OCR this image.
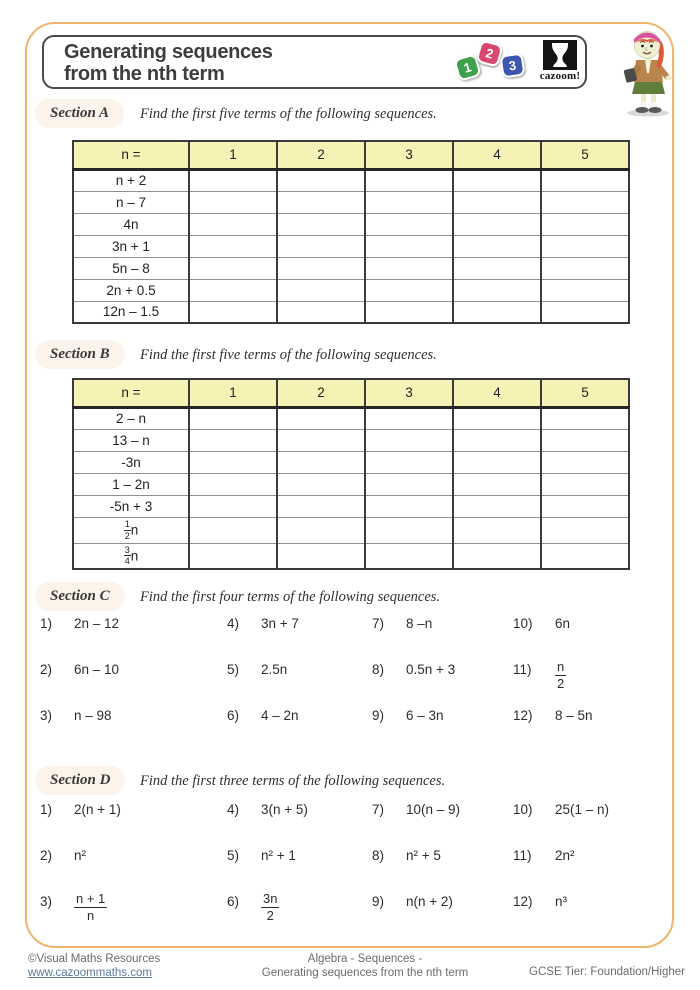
Generating sequences
from the nth term	1
2
3
cazoom!
Section A	Find the first five terms of the following sequences.
n =	1	2	3	4	5
n + 2					
n – 7					
4n					
3n + 1					
5n – 8					
2n + 0.5					
12n – 1.5					
Section B	Find the first five terms of the following sequences.
n =	1	2	3	4	5
2 – n					
13 – n					
-3n					
1 – 2n					
-5n + 3					

$\frac{1}{2}$ n					

$\frac{3}{4}$ n					
Section C	Find the first four terms of the following sequences.
1)	2n – 12	4)	3n + 7	7)	8 –n	10)	6n
2)	6n – 10	5)	2.5n	8)	0.5n + 3	11)	$\frac{n}{2}$
3)	n – 98	6)	4 – 2n	9)	6 – 3n	12)	8 – 5n
Section D	Find the first three terms of the following sequences.
1)	2(n + 1)	4)	3(n + 5)	7)	10(n – 9)	10)	25(1 – n)
2)	n²	5)	n² + 1	8)	n² + 5	11)	2n²
3)	$\frac{n + 1}{n}$	6)	$\frac{3n}{2}$	9)	n(n + 2)	12)	n³
©Visual Maths Resources
www.cazoommaths.com
Algebra - Sequences -
Generating sequences from the nth term	GCSE Tier: Foundation/Higher
